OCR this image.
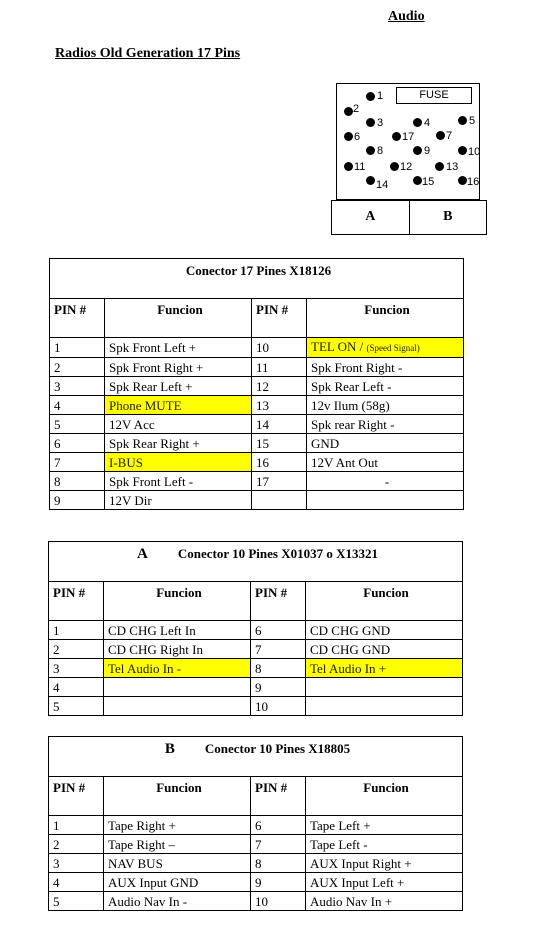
Audio
Radios Old Generation 17 Pins
FUSE
1
2
3	4	5
6	17	7
8	9	10
11	12	13
14	15	16
A	B
Conector 17 Pines X18126			
PIN #	Funcion	PIN #	Funcion
1	Spk Front Left +	10	TEL ON / (Speed Signal)
2	Spk Front Right +	11	Spk Front Right -
3	Spk Rear Left +	12	Spk Rear Left -
4	Phone MUTE	13	12v Ilum (58g)
5	12V Acc	14	Spk rear Right -
6	Spk Rear Right +	15	GND
7	I-BUS	16	12V Ant Out
8	Spk Front Left -	17	-
9	12V Dir		
A Conector 10 Pines X01037 o X13321			
PIN #	Funcion	PIN #	Funcion
1	CD CHG Left In	6	CD CHG GND
2	CD CHG Right In	7	CD CHG GND
3	Tel Audio In -	8	Tel Audio In +
4		9	
5		10	
B Conector 10 Pines X18805			
PIN #	Funcion	PIN #	Funcion
1	Tape Right +	6	Tape Left +
2	Tape Right –	7	Tape Left -
3	NAV BUS	8	AUX Input Right +
4	AUX Input GND	9	AUX Input Left +
5	Audio Nav In -	10	Audio Nav In +
